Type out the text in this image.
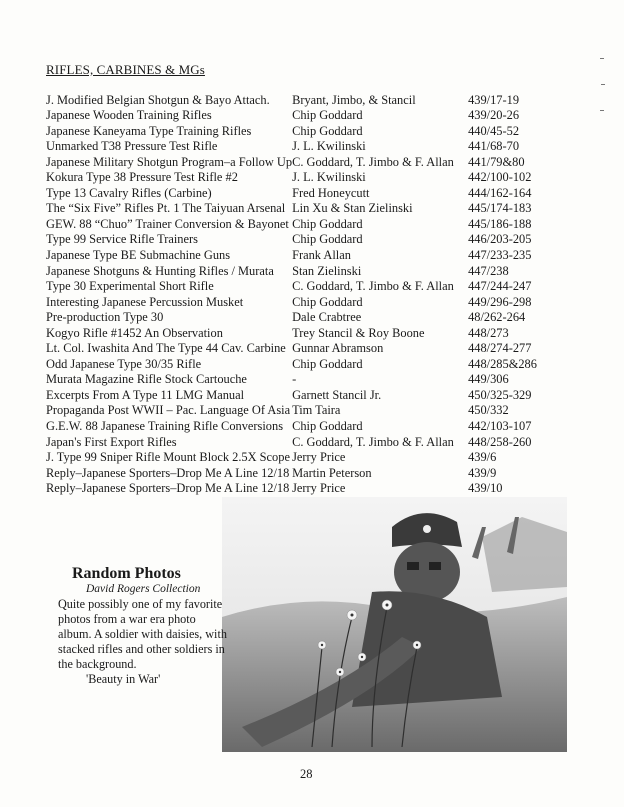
RIFLES, CARBINES & MGs
J. Modified Belgian Shotgun & Bayo Attach.	Bryant, Jimbo, & Stancil	439/17-19
Japanese Wooden Training Rifles	Chip Goddard	439/20-26
Japanese Kaneyama Type Training Rifles	Chip Goddard	440/45-52
Unmarked T38 Pressure Test Rifle	J. L. Kwilinski	441/68-70
Japanese Military Shotgun Program–a Follow Up	C. Goddard, T. Jimbo & F. Allan	441/79&80
Kokura Type 38 Pressure Test Rifle #2	J. L. Kwilinski	442/100-102
Type 13 Cavalry Rifles (Carbine)	Fred Honeycutt	444/162-164
The “Six Five” Rifles Pt. 1 The Taiyuan Arsenal	Lin Xu & Stan Zielinski	445/174-183
GEW. 88 “Chuo” Trainer Conversion & Bayonet	Chip Goddard	445/186-188
Type 99 Service Rifle Trainers	Chip Goddard	446/203-205
Japanese Type BE Submachine Guns	Frank Allan	447/233-235
Japanese Shotguns & Hunting Rifles / Murata	Stan Zielinski	447/238
Type 30 Experimental Short Rifle	C. Goddard, T. Jimbo & F. Allan	447/244-247
Interesting Japanese Percussion Musket	Chip Goddard	449/296-298
Pre-production Type 30	Dale Crabtree	48/262-264
Kogyo Rifle #1452 An Observation	Trey Stancil & Roy Boone	448/273
Lt. Col. Iwashita And The Type 44 Cav. Carbine	Gunnar Abramson	448/274-277
Odd Japanese Type 30/35 Rifle	Chip Goddard	448/285&286
Murata Magazine Rifle Stock Cartouche	-	449/306
Excerpts From A Type 11 LMG Manual	Garnett Stancil Jr.	450/325-329
Propaganda Post WWII – Pac. Language Of Asia	Tim Taira	450/332
G.E.W. 88 Japanese Training Rifle Conversions	Chip Goddard	442/103-107
Japan's First Export Rifles	C. Goddard, T. Jimbo & F. Allan	448/258-260
J. Type 99 Sniper Rifle Mount Block 2.5X Scope	Jerry Price	439/6
Reply–Japanese Sporters–Drop Me A Line 12/18	Martin Peterson	439/9
Reply–Japanese Sporters–Drop Me A Line 12/18	Jerry Price	439/10
Random Photos
David Rogers Collection
Quite possibly one of my favorite photos from a war era photo album. A soldier with daisies, with stacked rifles and other soldiers in the background.
'Beauty in War'
28
